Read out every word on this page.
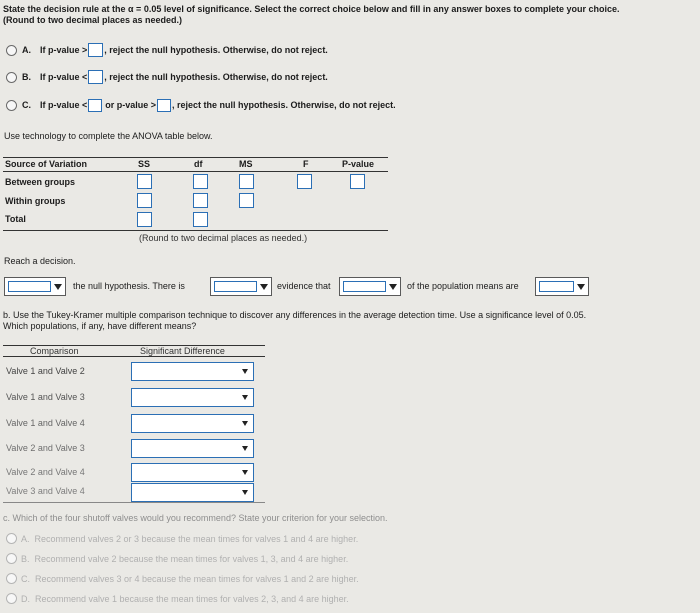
State the decision rule at the α = 0.05 level of significance. Select the correct choice below and fill in any answer boxes to complete your choice.
(Round to two decimal places as needed.)
A. If p-value > , reject the null hypothesis. Otherwise, do not reject.
B. If p-value < , reject the null hypothesis. Otherwise, do not reject.
C. If p-value < or p-value > , reject the null hypothesis. Otherwise, do not reject.
Use technology to complete the ANOVA table below.
Source of Variation	SS	df	MS	F	P-value
Between groups
Within groups
Total
(Round to two decimal places as needed.)
Reach a decision.
the null hypothesis. There is	evidence that	of the population means are
b. Use the Tukey-Kramer multiple comparison technique to discover any differences in the average detection time. Use a significance level of 0.05.
Which populations, if any, have different means?
Comparison	Significant Difference
Valve 1 and Valve 2
Valve 1 and Valve 3
Valve 1 and Valve 4
Valve 2 and Valve 3
Valve 2 and Valve 4
Valve 3 and Valve 4
c. Which of the four shutoff valves would you recommend? State your criterion for your selection.
A. Recommend valves 2 or 3 because the mean times for valves 1 and 4 are higher.
B. Recommend valve 2 because the mean times for valves 1, 3, and 4 are higher.
C. Recommend valves 3 or 4 because the mean times for valves 1 and 2 are higher.
D. Recommend valve 1 because the mean times for valves 2, 3, and 4 are higher.
